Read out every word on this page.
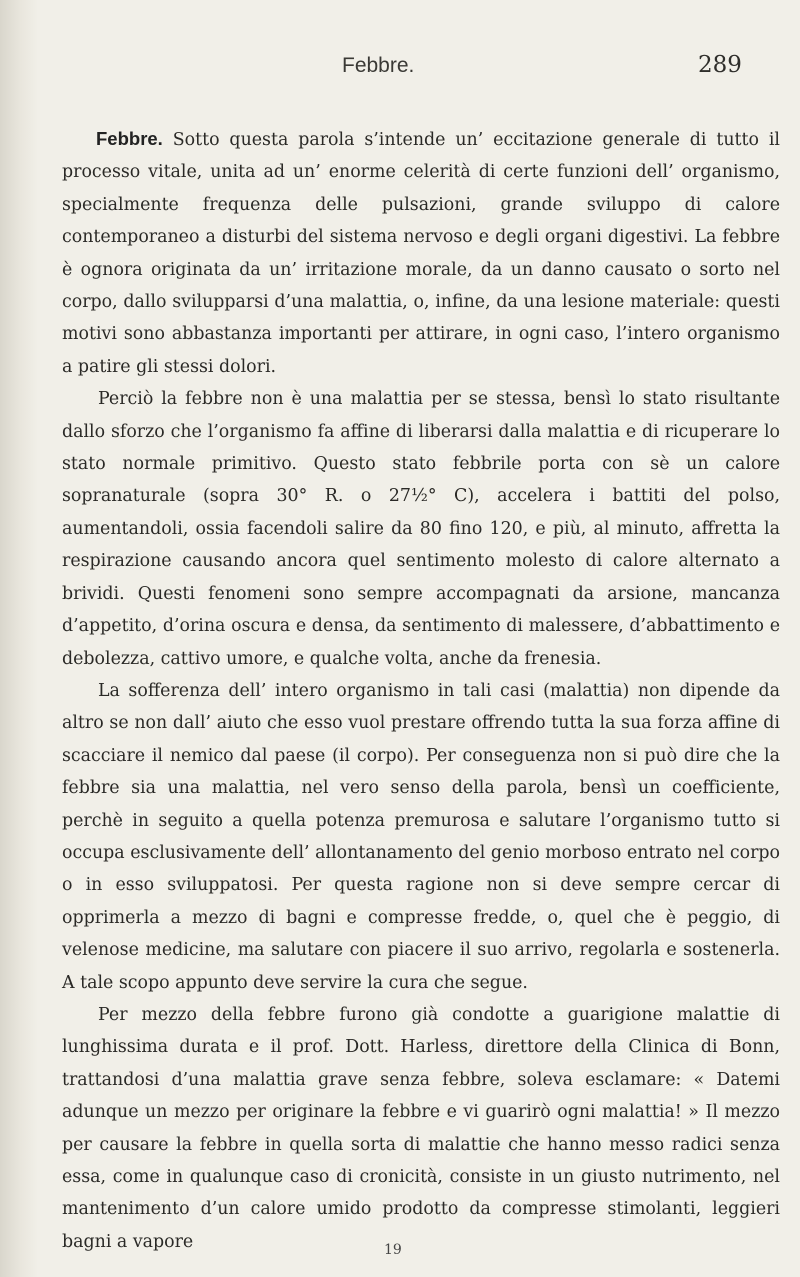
Febbre.	289

Febbre. Sotto questa parola s’intende un’ eccitazione generale di tutto il processo vitale, unita ad un’ enorme celerità di certe funzioni dell’ organismo, specialmente frequenza delle pulsazioni, grande sviluppo di calore contemporaneo a disturbi del sistema nervoso e degli organi digestivi. La febbre è ognora originata da un’ irritazione morale, da un danno causato o sorto nel corpo, dallo svilupparsi d’una malattia, o, infine, da una lesione materiale: questi motivi sono abbastanza importanti per attirare, in ogni caso, l’intero organismo a patire gli stessi dolori.

Perciò la febbre non è una malattia per se stessa, bensì lo stato risultante dallo sforzo che l’organismo fa affine di liberarsi dalla malattia e di ricuperare lo stato normale primitivo. Questo stato febbrile porta con sè un calore sopranaturale (sopra 30° R. o 27½° C), accelera i battiti del polso, aumentandoli, ossia facendoli salire da 80 fino 120, e più, al minuto, affretta la respirazione causando ancora quel sentimento molesto di calore alternato a brividi. Questi fenomeni sono sempre accompagnati da arsione, mancanza d’appetito, d’orina oscura e densa, da sentimento di malessere, d’abbattimento e debolezza, cattivo umore, e qualche volta, anche da frenesia.

La sofferenza dell’ intero organismo in tali casi (malattia) non dipende da altro se non dall’ aiuto che esso vuol prestare offrendo tutta la sua forza affine di scacciare il nemico dal paese (il corpo). Per conseguenza non si può dire che la febbre sia una malattia, nel vero senso della parola, bensì un coefficiente, perchè in seguito a quella potenza premurosa e salutare l’organismo tutto si occupa esclusivamente dell’ allontanamento del genio morboso entrato nel corpo o in esso sviluppatosi. Per questa ragione non si deve sempre cercar di opprimerla a mezzo di bagni e compresse fredde, o, quel che è peggio, di velenose medicine, ma salutare con piacere il suo arrivo, regolarla e sostenerla. A tale scopo appunto deve servire la cura che segue.

Per mezzo della febbre furono già condotte a guarigione malattie di lunghissima durata e il prof. Dott. Harless, direttore della Clinica di Bonn, trattandosi d’una malattia grave senza febbre, soleva esclamare: « Datemi adunque un mezzo per originare la febbre e vi guarirò ogni malattia! » Il mezzo per causare la febbre in quella sorta di malattie che hanno messo radici senza essa, come in qualunque caso di cronicità, consiste in un giusto nutrimento, nel mantenimento d’un calore umido prodotto da compresse stimolanti, leggieri bagni a vapore	19
